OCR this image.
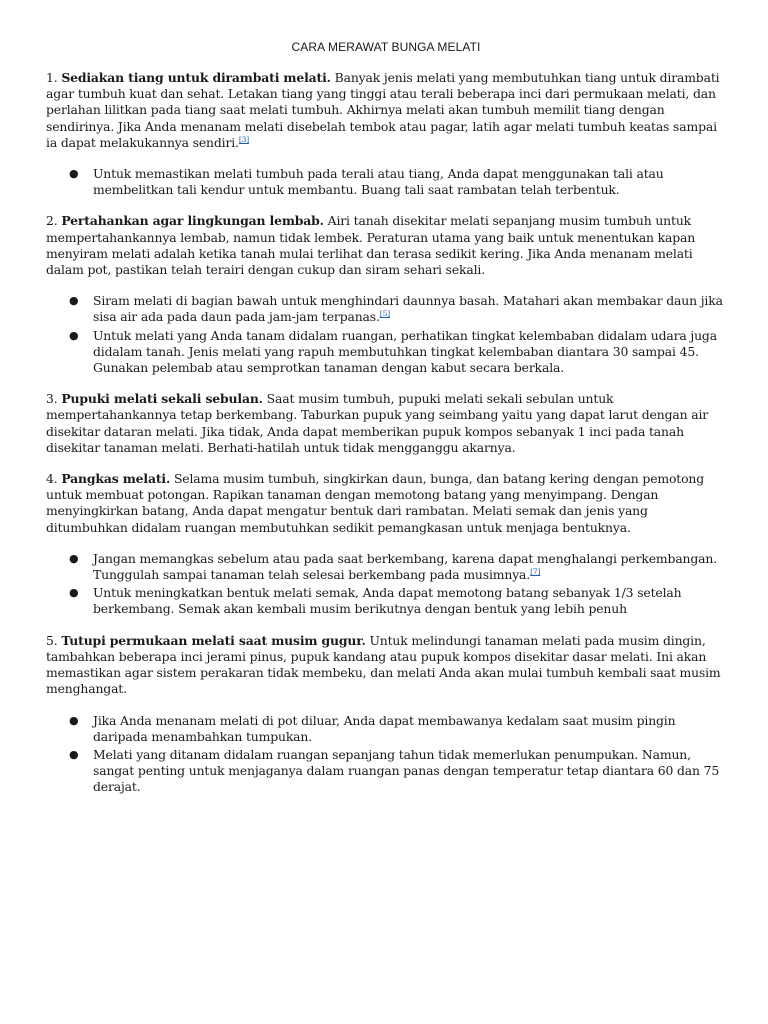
CARA MERAWAT BUNGA MELATI

1. Sediakan tiang untuk dirambati melati. Banyak jenis melati yang membutuhkan tiang untuk dirambati agar tumbuh kuat dan sehat. Letakan tiang yang tinggi atau terali beberapa inci dari permukaan melati, dan perlahan lilitkan pada tiang saat melati tumbuh. Akhirnya melati akan tumbuh memilit tiang dengan sendirinya. Jika Anda menanam melati disebelah tembok atau pagar, latih agar melati tumbuh keatas sampai ia dapat melakukannya sendiri.[3]

● Untuk memastikan melati tumbuh pada terali atau tiang, Anda dapat menggunakan tali atau membelitkan tali kendur untuk membantu. Buang tali saat rambatan telah terbentuk.

2. Pertahankan agar lingkungan lembab. Airi tanah disekitar melati sepanjang musim tumbuh untuk mempertahankannya lembab, namun tidak lembek. Peraturan utama yang baik untuk menentukan kapan menyiram melati adalah ketika tanah mulai terlihat dan terasa sedikit kering. Jika Anda menanam melati dalam pot, pastikan telah terairi dengan cukup dan siram sehari sekali.

● Siram melati di bagian bawah untuk menghindari daunnya basah. Matahari akan membakar daun jika sisa air ada pada daun pada jam-jam terpanas.[5]
● Untuk melati yang Anda tanam didalam ruangan, perhatikan tingkat kelembaban didalam udara juga didalam tanah. Jenis melati yang rapuh membutuhkan tingkat kelembaban diantara 30 sampai 45. Gunakan pelembab atau semprotkan tanaman dengan kabut secara berkala.

3. Pupuki melati sekali sebulan. Saat musim tumbuh, pupuki melati sekali sebulan untuk mempertahankannya tetap berkembang. Taburkan pupuk yang seimbang yaitu yang dapat larut dengan air disekitar dataran melati. Jika tidak, Anda dapat memberikan pupuk kompos sebanyak 1 inci pada tanah disekitar tanaman melati. Berhati-hatilah untuk tidak mengganggu akarnya.

4. Pangkas melati. Selama musim tumbuh, singkirkan daun, bunga, dan batang kering dengan pemotong untuk membuat potongan. Rapikan tanaman dengan memotong batang yang menyimpang. Dengan menyingkirkan batang, Anda dapat mengatur bentuk dari rambatan. Melati semak dan jenis yang ditumbuhkan didalam ruangan membutuhkan sedikit pemangkasan untuk menjaga bentuknya.

● Jangan memangkas sebelum atau pada saat berkembang, karena dapat menghalangi perkembangan. Tunggulah sampai tanaman telah selesai berkembang pada musimnya.[7]
● Untuk meningkatkan bentuk melati semak, Anda dapat memotong batang sebanyak 1/3 setelah berkembang. Semak akan kembali musim berikutnya dengan bentuk yang lebih penuh

5. Tutupi permukaan melati saat musim gugur. Untuk melindungi tanaman melati pada musim dingin, tambahkan beberapa inci jerami pinus, pupuk kandang atau pupuk kompos disekitar dasar melati. Ini akan memastikan agar sistem perakaran tidak membeku, dan melati Anda akan mulai tumbuh kembali saat musim menghangat.

● Jika Anda menanam melati di pot diluar, Anda dapat membawanya kedalam saat musim pingin daripada menambahkan tumpukan.
● Melati yang ditanam didalam ruangan sepanjang tahun tidak memerlukan penumpukan. Namun, sangat penting untuk menjaganya dalam ruangan panas dengan temperatur tetap diantara 60 dan 75 derajat.
